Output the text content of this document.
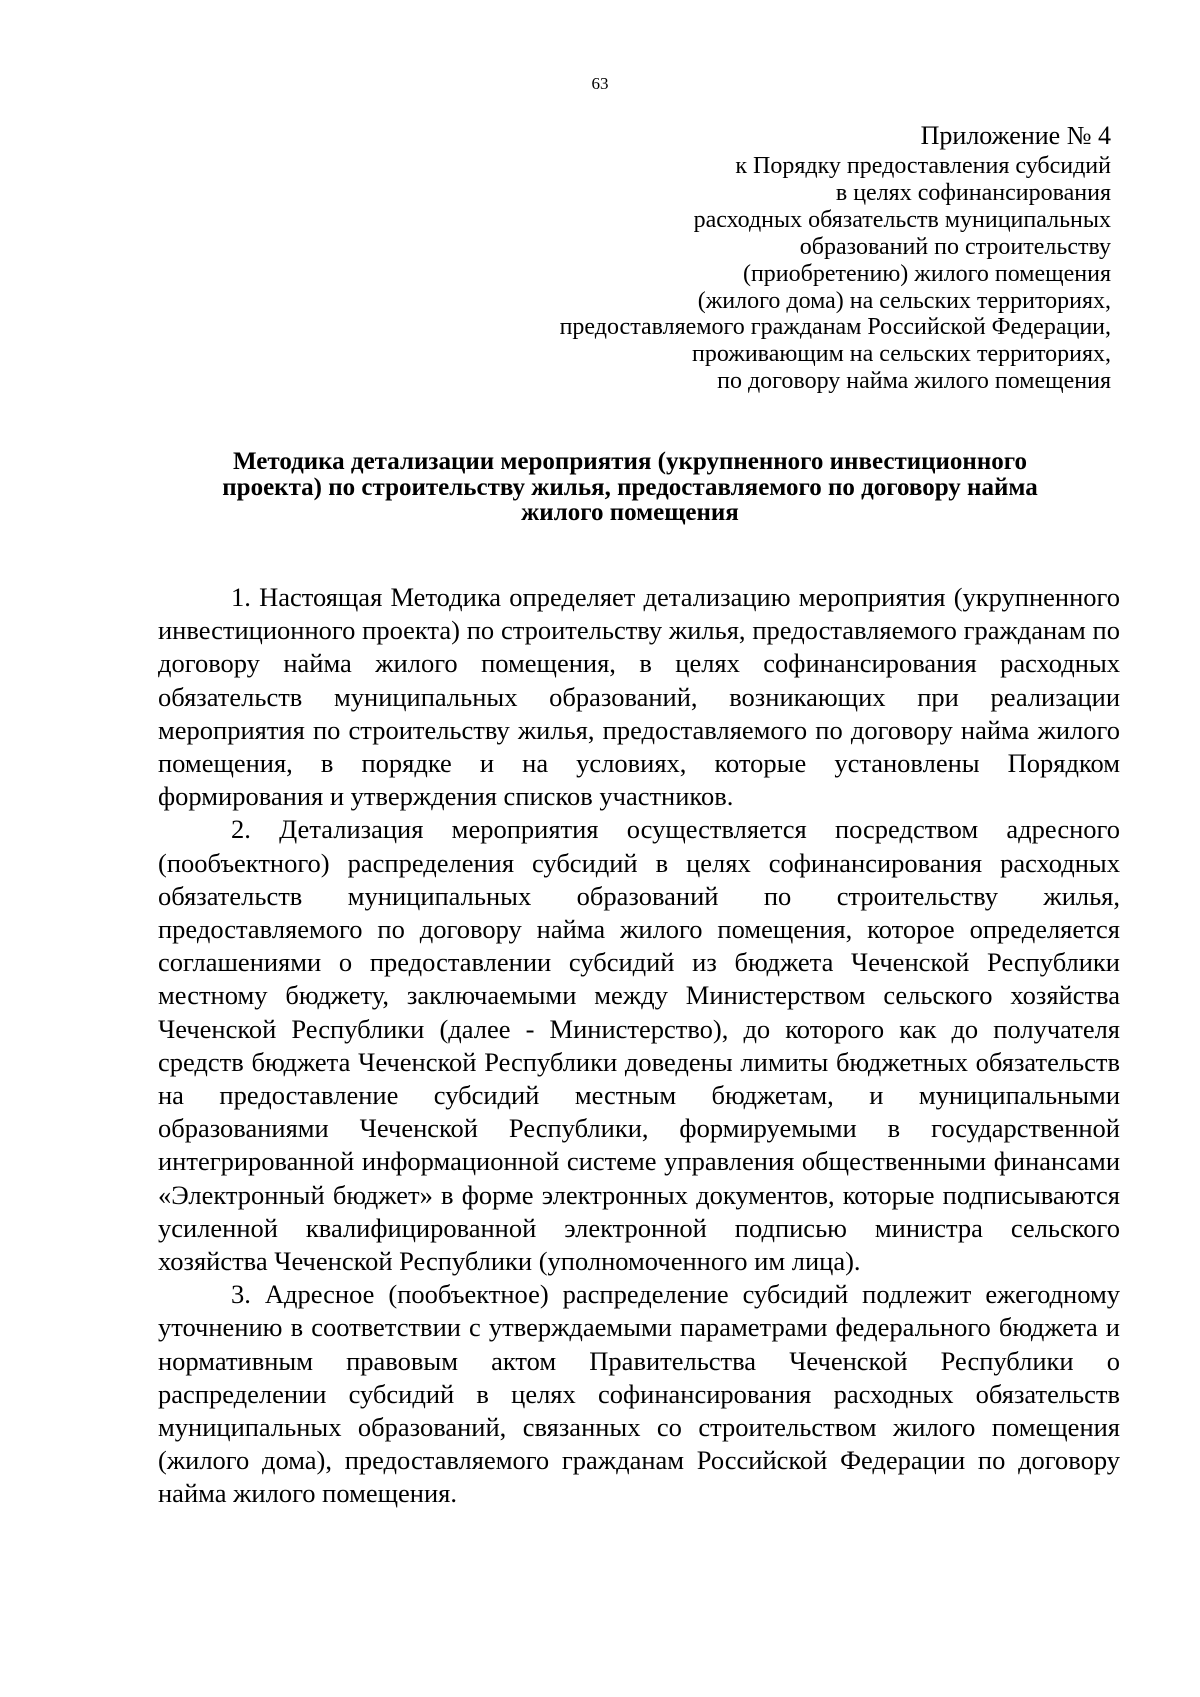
63
Приложение № 4
к Порядку предоставления субсидий
в целях софинансирования
расходных обязательств муниципальных
образований по строительству
(приобретению) жилого помещения
(жилого дома) на сельских территориях,
предоставляемого гражданам Российской Федерации,
проживающим на сельских территориях,
по договору найма жилого помещения
Методика детализации мероприятия (укрупненного инвестиционного
проекта) по строительству жилья, предоставляемого по договору найма
жилого помещения

1. Настоящая Методика определяет детализацию мероприятия (укрупненного инвестиционного проекта) по строительству жилья, предоставляемого гражданам по договору найма жилого помещения, в целях софинансирования расходных обязательств муниципальных образований, возникающих при реализации мероприятия по строительству жилья, предоставляемого по договору найма жилого помещения, в порядке и на условиях, которые установлены Порядком формирования и утверждения списков участников.

2. Детализация мероприятия осуществляется посредством адресного (пообъектного) распределения субсидий в целях софинансирования расходных обязательств муниципальных образований по строительству жилья, предоставляемого по договору найма жилого помещения, которое определяется соглашениями о предоставлении субсидий из бюджета Чеченской Республики местному бюджету, заключаемыми между Министерством сельского хозяйства Чеченской Республики (далее - Министерство), до которого как до получателя средств бюджета Чеченской Республики доведены лимиты бюджетных обязательств на предоставление субсидий местным бюджетам, и муниципальными образованиями Чеченской Республики, формируемыми в государственной интегрированной информационной системе управления общественными финансами «Электронный бюджет» в форме электронных документов, которые подписываются усиленной квалифицированной электронной подписью министра сельского хозяйства Чеченской Республики (уполномоченного им лица).

3. Адресное (пообъектное) распределение субсидий подлежит ежегодному уточнению в соответствии с утверждаемыми параметрами федерального бюджета и нормативным правовым актом Правительства Чеченской Республики о распределении субсидий в целях софинансирования расходных обязательств муниципальных образований, связанных со строительством жилого помещения (жилого дома), предоставляемого гражданам Российской Федерации по договору найма жилого помещения.
